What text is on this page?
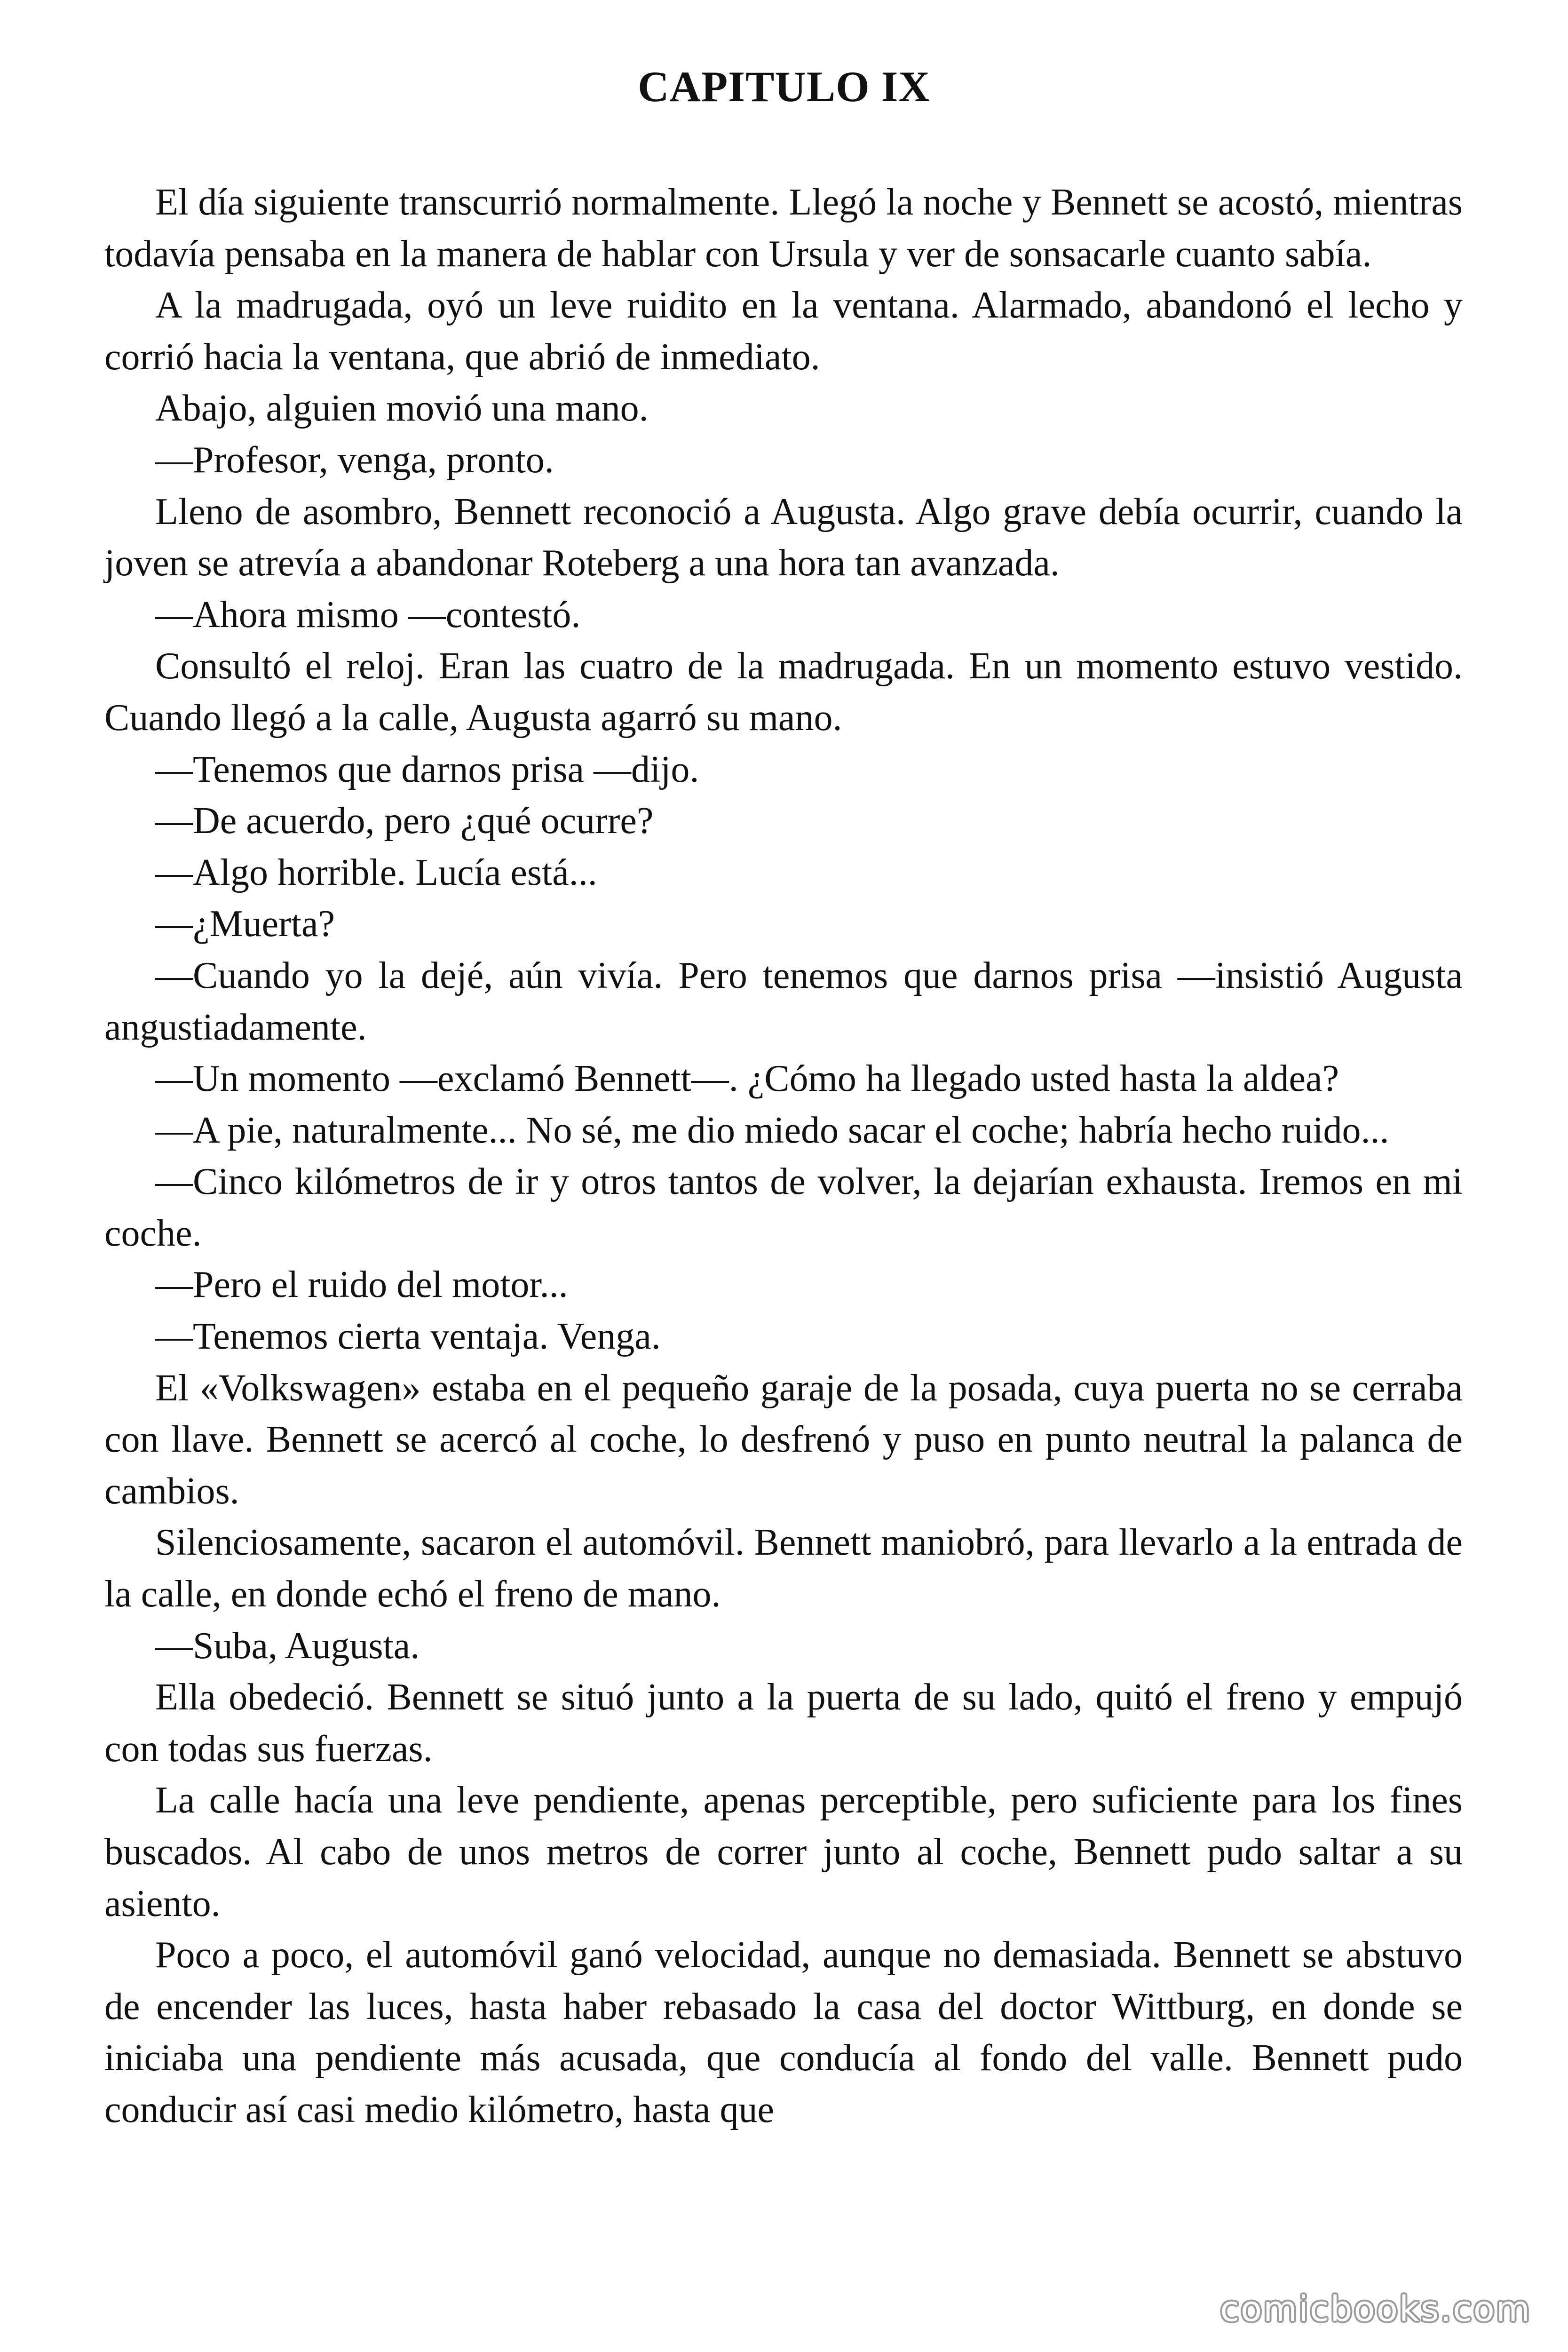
CAPITULO IX

El día siguiente transcurrió normalmente. Llegó la noche y Bennett se acostó, mientras todavía pensaba en la manera de hablar con Ursula y ver de sonsacarle cuanto sabía.

A la madrugada, oyó un leve ruidito en la ventana. Alarmado, abandonó el lecho y corrió hacia la ventana, que abrió de inmediato.

Abajo, alguien movió una mano.

—Profesor, venga, pronto.

Lleno de asombro, Bennett reconoció a Augusta. Algo grave debía ocurrir, cuando la joven se atrevía a abandonar Roteberg a una hora tan avanzada.

—Ahora mismo —contestó.

Consultó el reloj. Eran las cuatro de la madrugada. En un momento estuvo vestido. Cuando llegó a la calle, Augusta agarró su mano.

—Tenemos que darnos prisa —dijo.

—De acuerdo, pero ¿qué ocurre?

—Algo horrible. Lucía está...

—¿Muerta?

—Cuando yo la dejé, aún vivía. Pero tenemos que darnos prisa —insistió Augusta angustiadamente.

—Un momento —exclamó Bennett—. ¿Cómo ha llegado usted hasta la aldea?

—A pie, naturalmente... No sé, me dio miedo sacar el coche; habría hecho ruido...

—Cinco kilómetros de ir y otros tantos de volver, la dejarían exhausta. Iremos en mi coche.

—Pero el ruido del motor...

—Tenemos cierta ventaja. Venga.

El «Volkswagen» estaba en el pequeño garaje de la posada, cuya puerta no se cerraba con llave. Bennett se acercó al coche, lo desfrenó y puso en punto neutral la palanca de cambios.

Silenciosamente, sacaron el automóvil. Bennett maniobró, para llevarlo a la entrada de la calle, en donde echó el freno de mano.

—Suba, Augusta.

Ella obedeció. Bennett se situó junto a la puerta de su lado, quitó el freno y empujó con todas sus fuerzas.

La calle hacía una leve pendiente, apenas perceptible, pero suficiente para los fines buscados. Al cabo de unos metros de correr junto al coche, Bennett pudo saltar a su asiento.

Poco a poco, el automóvil ganó velocidad, aunque no demasiada. Bennett se abstuvo de encender las luces, hasta haber rebasado la casa del doctor Wittburg, en donde se iniciaba una pendiente más acusada, que conducía al fondo del valle. Bennett pudo conducir así casi medio kilómetro, hasta que

comicbooks.com
